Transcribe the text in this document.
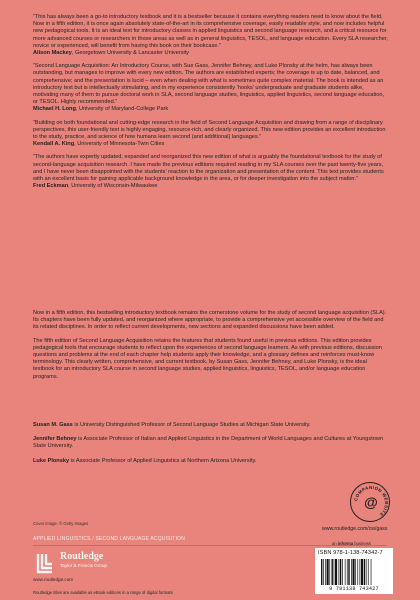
“This has always been a go-to introductory textbook and it is a bestseller because it contains everything readers need to know about the field. Now in a fifth edition, it is once again absolutely state-of-the-art in its comprehensive coverage, easily readable style, and now includes helpful new pedagogical tools. It is an ideal text for introductory classes in applied linguistics and second language research, and a critical resource for more advanced courses or researchers in those areas as well as in general linguistics, TESOL, and language education. Every SLA researcher, novice or experienced, will benefit from having this book on their bookcase.”

Alison Mackey, Georgetown University & Lancaster University

“Second Language Acquisition: An Introductory Course, with Sue Gass, Jennifer Behney, and Luke Plonsky at the helm, has always been outstanding, but manages to improve with every new edition. The authors are established experts; the coverage is up to date, balanced, and comprehensive; and the presentation is lucid – even when dealing with what is sometimes quite complex material. The book is intended as an introductory text but is intellectually stimulating, and in my experience consistently ‘hooks’ undergraduate and graduate students alike, motivating many of them to pursue doctoral work in SLA, second language studies, linguistics, applied linguistics, second language education, or TESOL. Highly recommended.”

Michael H. Long, University of Maryland-College Park

“Building on both foundational and cutting-edge research in the field of Second Language Acquisition and drawing from a range of disciplinary perspectives, this user-friendly text is highly engaging, resource-rich, and clearly organized. This new edition provides an excellent introduction to the study, practice, and science of how humans learn second (and additional) languages.”

Kendall A. King, University of Minnesota-Twin Cities

“The authors have expertly updated, expanded and reorganized this new edition of what is arguably the foundational textbook for the study of second-language acquisition research. I have made the previous editions required reading in my SLA courses over the past twenty-five years, and I have never been disappointed with the students’ reaction to the organization and presentation of the content. This text provides students with an excellent basis for gaining applicable background knowledge in the area, or for deeper investigation into the subject matter.”

Fred Eckman, University of Wisconsin-Milwaukee

Now in a fifth edition, this bestselling introductory textbook remains the cornerstone volume for the study of second language acquisition (SLA). Its chapters have been fully updated, and reorganized where appropriate, to provide a comprehensive yet accessible overview of the field and its related disciplines. In order to reflect current developments, new sections and expanded discussions have been added.

The fifth edition of Second Language Acquisition retains the features that students found useful in previous editions. This edition provides pedagogical tools that encourage students to reflect upon the experiences of second language learners. As with previous editions, discussion questions and problems at the end of each chapter help students apply their knowledge, and a glossary defines and reinforces must-know terminology. This clearly written, comprehensive, and current textbook, by Susan Gass, Jennifer Behney, and Luke Plonsky, is the ideal textbook for an introductory SLA course in second language studies, applied linguistics, linguistics, TESOL, and/or language education programs.

Susan M. Gass is University Distinguished Professor of Second Language Studies at Michigan State University.

Jennifer Behney is Associate Professor of Italian and Applied Linguistics in the Department of World Languages and Cultures at Youngstown State University.

Luke Plonsky is Associate Professor of Applied Linguistics at Northern Arizona University.

COMPANION WEBSITE
@
www.routledge.com/cw/gass
Cover image: © Getty Images
APPLIED LINGUISTICS / SECOND LANGUAGE ACQUISITION
Routledge
Taylor & Francis Group
www.routledge.com
Routledge titles are available as eBook editions in a range of digital formats
an informa business
ISBN 978-1-138-74342-7
9 781138 743427
